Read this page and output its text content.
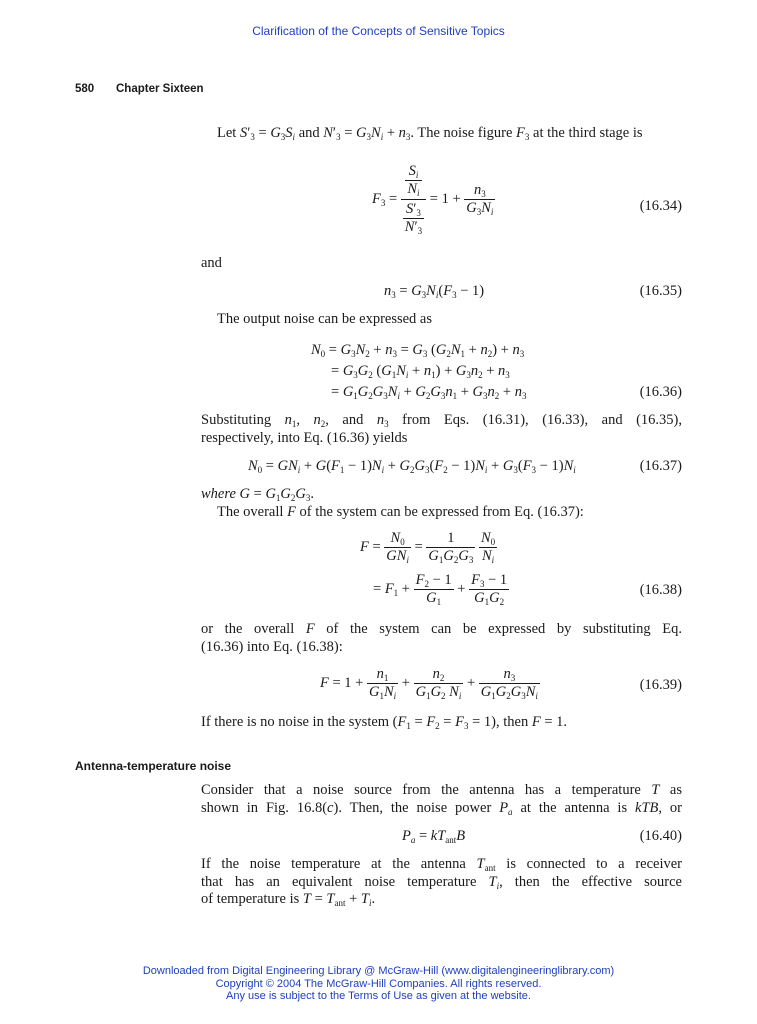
Clarification of the Concepts of Sensitive Topics
580 Chapter Sixteen
Let $S'_3 = G_3S_i$ and $N'_3 = G_3N_i + n_3$. The noise figure $F_3$ at the third stage is
$F_3 = \frac{\frac{S_i}{N_i}}{\frac{S'_3}{N'_3}} = 1 + \frac{n_3}{G_3N_i}$	(16.34)
and
$n_3 = G_3N_i(F_3 - 1)$	(16.35)
The output noise can be expressed as
$N_0 = G_3N_2 + n_3 = G_3$ $(G_2N_1 + n_2) + n_3$
= $G_3G_2$ $(G_1N_i + n_1) + G_3n_2 + n_3$
= $G_1G_2G_3N_i + G_2G_3n_1 + G_3n_2 + n_3$	(16.36)
Substituting $n_1$, $n_2$, and $n_3$ from Eqs. (16.31), (16.33), and (16.35),
respectively, into Eq. (16.36) yields
$N_0 = GN_i + G(F_1 - 1)N_i + G_2G_3(F_2 - 1)N_i + G_3(F_3 - 1)N_i$	(16.37)
where $G = G_1G_2G_3$.
The overall F of the system can be expressed from Eq. (16.37):
$F = \frac{N_0}{GN_i} = \frac{1}{G_1G_2G_3}$
$\frac{N_0}{N_i}$
= $F_1 + \frac{F_2 - 1}{G_1} + \frac{F_3 - 1}{G_1G_2}$	(16.38)
or the overall F of the system can be expressed by substituting Eq.
(16.36) into Eq. (16.38):
$F = 1 + \frac{n_1}{G_1N_i} + \frac{n_2}{G_1G_2 N_i} + \frac{n_3}{G_1G_2G_3N_i}$	(16.39)
If there is no noise in the system $(F_1 = F_2 = F_3 = 1)$, then F = 1.
Antenna-temperature noise
Consider that a noise source from the antenna has a temperature T as
shown in Fig. 16.8(c). Then, the noise power $P_a$ at the antenna is kTB, or
$P_a = kT_{ant}B$	(16.40)
If the noise temperature at the antenna $T_{ant}$ is connected to a receiver
that has an equivalent noise temperature $T_i$, then the effective source
of temperature is $T = T_{ant} + T_i$.
Downloaded from Digital Engineering Library @ McGraw-Hill (www.digitalengineeringlibrary.com)
Copyright © 2004 The McGraw-Hill Companies. All rights reserved.
Any use is subject to the Terms of Use as given at the website.
